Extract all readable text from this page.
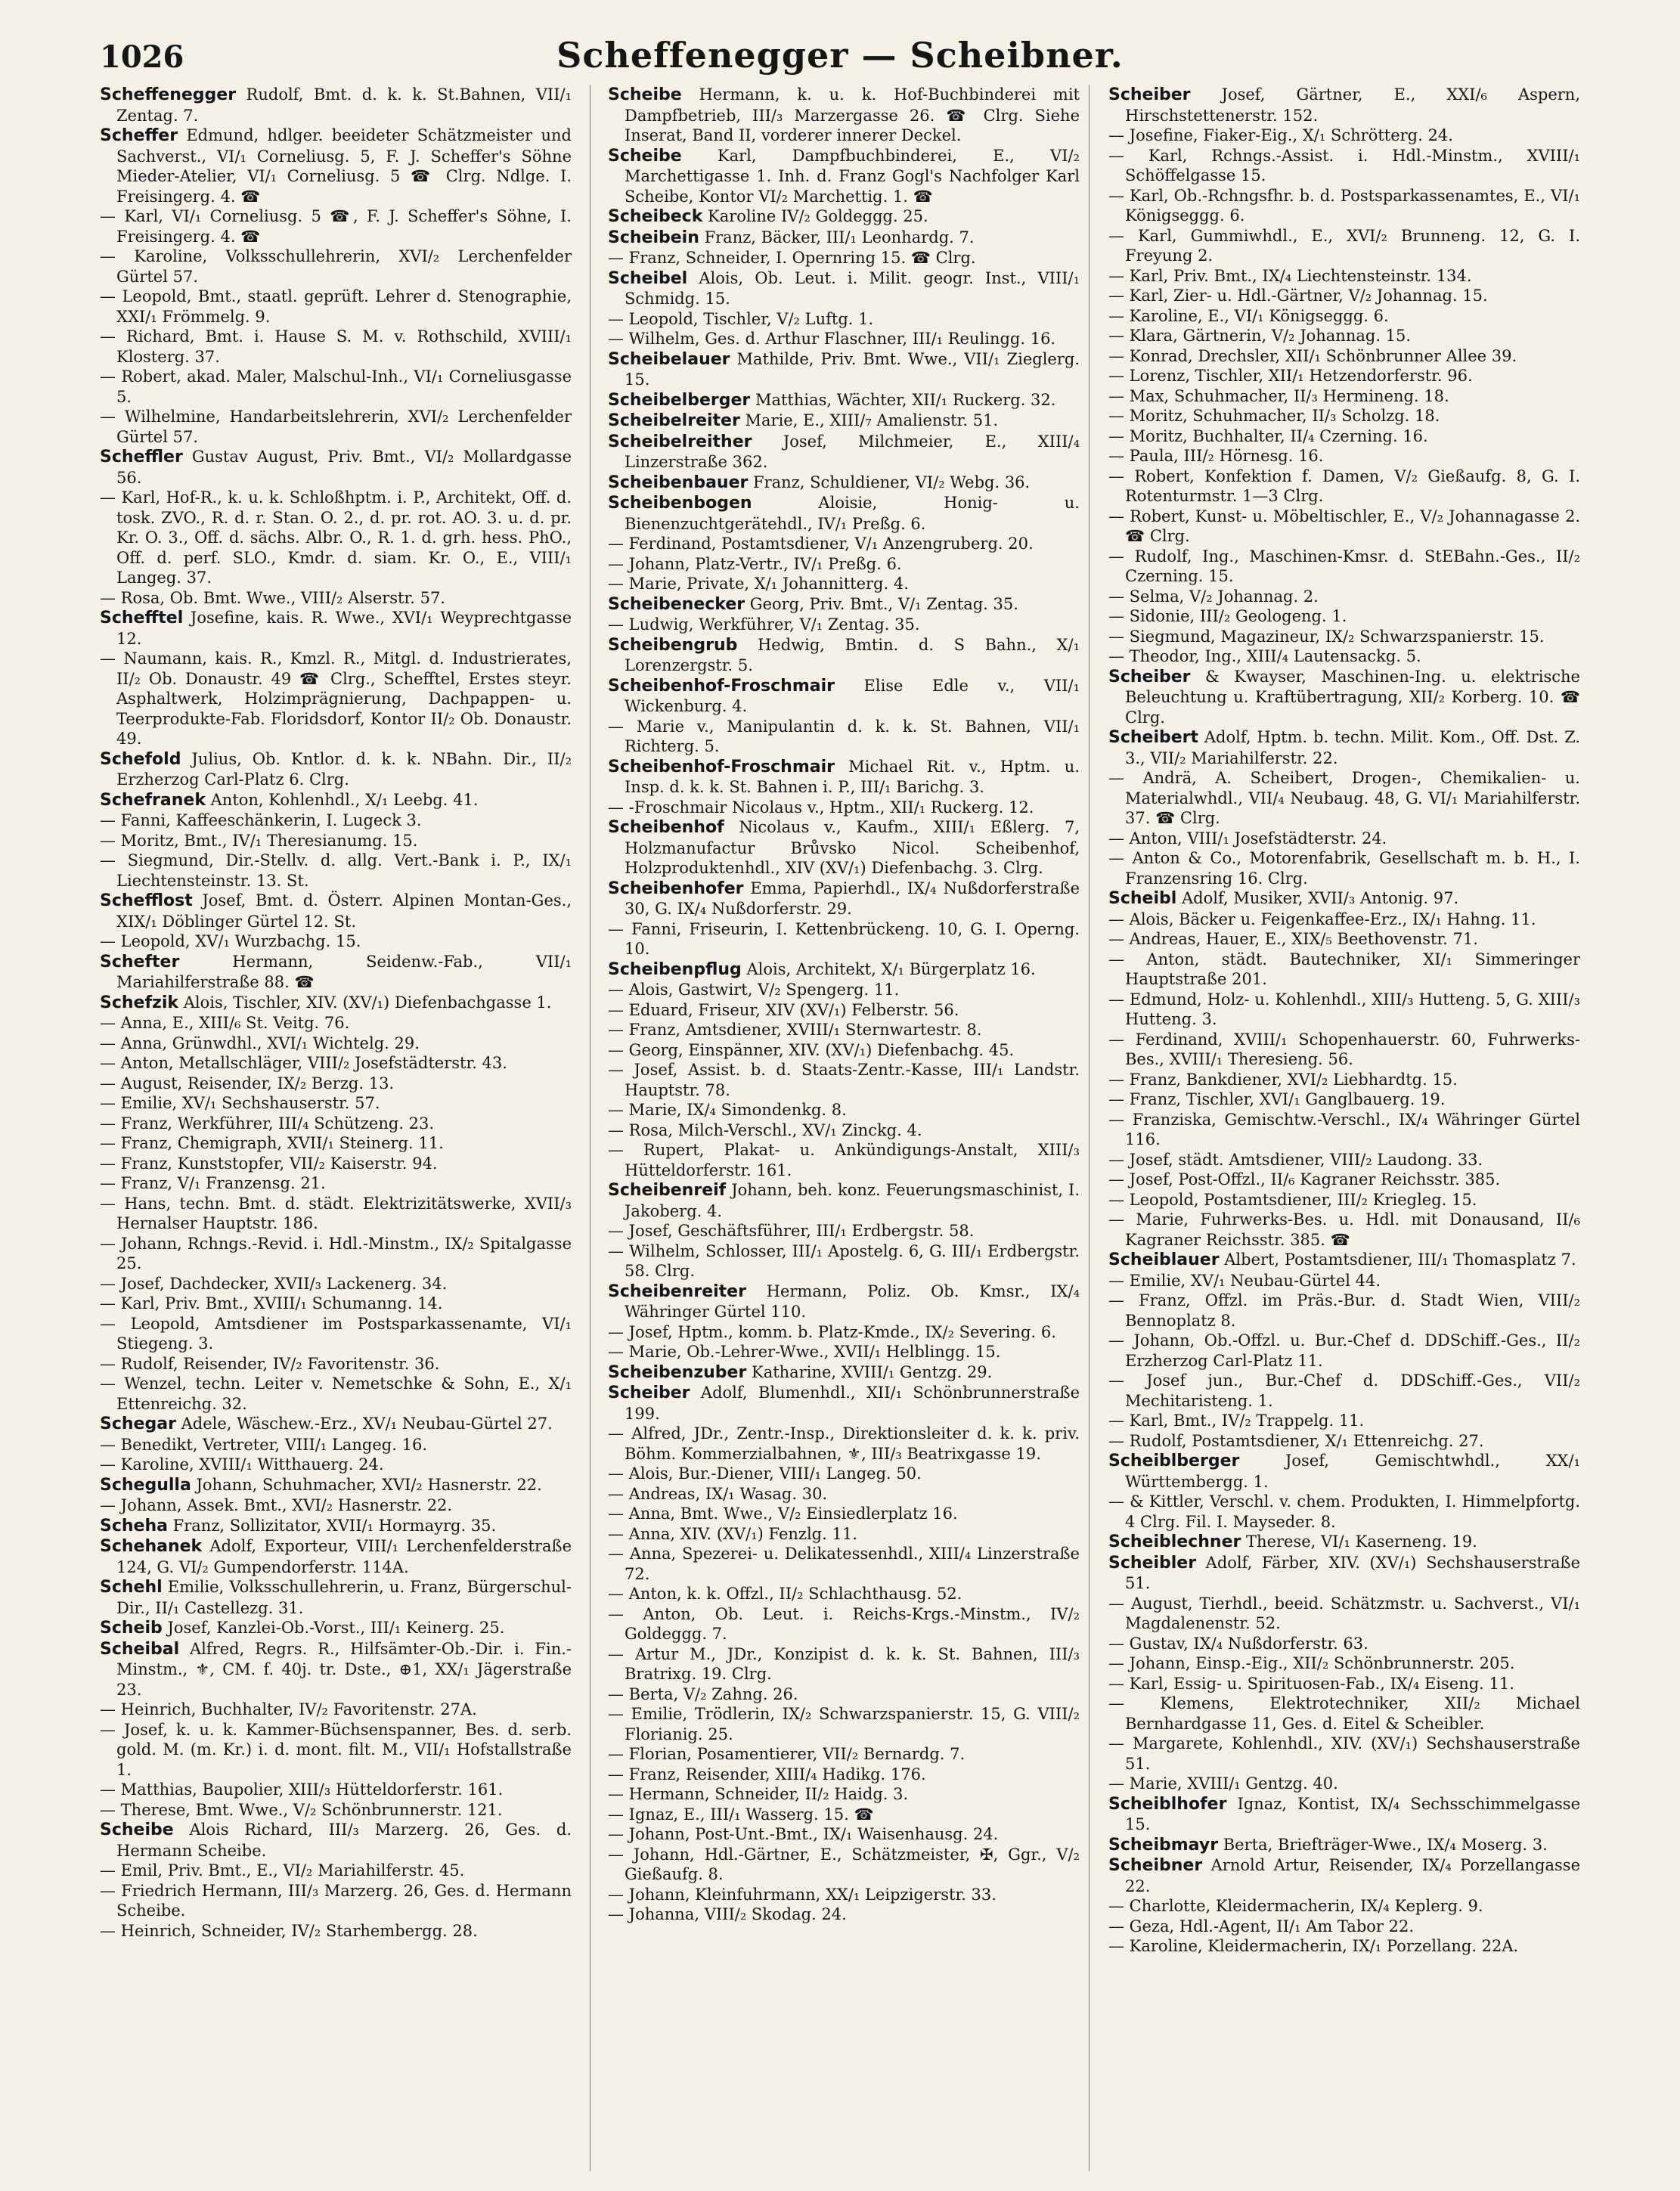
1026	Scheffenegger — Scheibner.

Scheffenegger Rudolf, Bmt. d. k. k. St.Bahnen, VII/₁ Zentag. 7.

Scheffer Edmund, hdlger. beeideter Schätzmeister und Sachverst., VI/₁ Corneliusg. 5, F. J. Scheffer's Söhne Mieder-Atelier, VI/₁ Corneliusg. 5 ☎ Clrg. Ndlge. I. Freisingerg. 4. ☎

— Karl, VI/₁ Corneliusg. 5 ☎, F. J. Scheffer's Söhne, I. Freisingerg. 4. ☎

— Karoline, Volksschullehrerin, XVI/₂ Lerchenfelder Gürtel 57.

— Leopold, Bmt., staatl. geprüft. Lehrer d. Stenographie, XXI/₁ Frömmelg. 9.

— Richard, Bmt. i. Hause S. M. v. Rothschild, XVIII/₁ Klosterg. 37.

— Robert, akad. Maler, Malschul-Inh., VI/₁ Corneliusgasse 5.

— Wilhelmine, Handarbeitslehrerin, XVI/₂ Lerchenfelder Gürtel 57.

Scheffler Gustav August, Priv. Bmt., VI/₂ Mollardgasse 56.

— Karl, Hof-R., k. u. k. Schloßhptm. i. P., Architekt, Off. d. tosk. ZVO., R. d. r. Stan. O. 2., d. pr. rot. AO. 3. u. d. pr. Kr. O. 3., Off. d. sächs. Albr. O., R. 1. d. grh. hess. PhO., Off. d. perf. SLO., Kmdr. d. siam. Kr. O., E., VIII/₁ Langeg. 37.

— Rosa, Ob. Bmt. Wwe., VIII/₂ Alserstr. 57.

Schefftel Josefine, kais. R. Wwe., XVI/₁ Weyprechtgasse 12.

— Naumann, kais. R., Kmzl. R., Mitgl. d. Industrierates, II/₂ Ob. Donaustr. 49 ☎ Clrg., Schefftel, Erstes steyr. Asphaltwerk, Holzimprägnierung, Dachpappen- u. Teerprodukte-Fab. Floridsdorf, Kontor II/₂ Ob. Donaustr. 49.

Schefold Julius, Ob. Kntlor. d. k. k. NBahn. Dir., II/₂ Erzherzog Carl-Platz 6. Clrg.

Schefranek Anton, Kohlenhdl., X/₁ Leebg. 41.

— Fanni, Kaffeeschänkerin, I. Lugeck 3.

— Moritz, Bmt., IV/₁ Theresianumg. 15.

— Siegmund, Dir.-Stellv. d. allg. Vert.-Bank i. P., IX/₁ Liechtensteinstr. 13. St.

Schefflost Josef, Bmt. d. Österr. Alpinen Montan-Ges., XIX/₁ Döblinger Gürtel 12. St.

— Leopold, XV/₁ Wurzbachg. 15.

Schefter Hermann, Seidenw.-Fab., VII/₁ Mariahilferstraße 88. ☎

Schefzik Alois, Tischler, XIV. (XV/₁) Diefenbachgasse 1.

— Anna, E., XIII/₆ St. Veitg. 76.

— Anna, Grünwdhl., XVI/₁ Wichtelg. 29.

— Anton, Metallschläger, VIII/₂ Josefstädterstr. 43.

— August, Reisender, IX/₂ Berzg. 13.

— Emilie, XV/₁ Sechshauserstr. 57.

— Franz, Werkführer, III/₄ Schützeng. 23.

— Franz, Chemigraph, XVII/₁ Steinerg. 11.

— Franz, Kunststopfer, VII/₂ Kaiserstr. 94.

— Franz, V/₁ Franzensg. 21.

— Hans, techn. Bmt. d. städt. Elektrizitätswerke, XVII/₃ Hernalser Hauptstr. 186.

— Johann, Rchngs.-Revid. i. Hdl.-Minstm., IX/₂ Spitalgasse 25.

— Josef, Dachdecker, XVII/₃ Lackenerg. 34.

— Karl, Priv. Bmt., XVIII/₁ Schumanng. 14.

— Leopold, Amtsdiener im Postsparkassenamte, VI/₁ Stiegeng. 3.

— Rudolf, Reisender, IV/₂ Favoritenstr. 36.

— Wenzel, techn. Leiter v. Nemetschke & Sohn, E., X/₁ Ettenreichg. 32.

Schegar Adele, Wäschew.-Erz., XV/₁ Neubau-Gürtel 27.

— Benedikt, Vertreter, VIII/₁ Langeg. 16.

— Karoline, XVIII/₁ Witthauerg. 24.

Schegulla Johann, Schuhmacher, XVI/₂ Hasnerstr. 22.

— Johann, Assek. Bmt., XVI/₂ Hasnerstr. 22.

Scheha Franz, Sollizitator, XVII/₁ Hormayrg. 35.

Schehanek Adolf, Exporteur, VIII/₁ Lerchenfelderstraße 124, G. VI/₂ Gumpendorferstr. 114A.

Schehl Emilie, Volksschullehrerin, u. Franz, Bürgerschul-Dir., II/₁ Castellezg. 31.

Scheib Josef, Kanzlei-Ob.-Vorst., III/₁ Keinerg. 25.

Scheibal Alfred, Regrs. R., Hilfsämter-Ob.-Dir. i. Fin.-Minstm., ⚜, CM. f. 40j. tr. Dste., ⊕1, XX/₁ Jägerstraße 23.

— Heinrich, Buchhalter, IV/₂ Favoritenstr. 27A.

— Josef, k. u. k. Kammer-Büchsenspanner, Bes. d. serb. gold. M. (m. Kr.) i. d. mont. filt. M., VII/₁ Hofstallstraße 1.

— Matthias, Baupolier, XIII/₃ Hütteldorferstr. 161.

— Therese, Bmt. Wwe., V/₂ Schönbrunnerstr. 121.

Scheibe Alois Richard, III/₃ Marzerg. 26, Ges. d. Hermann Scheibe.

— Emil, Priv. Bmt., E., VI/₂ Mariahilferstr. 45.

— Friedrich Hermann, III/₃ Marzerg. 26, Ges. d. Hermann Scheibe.

— Heinrich, Schneider, IV/₂ Starhembergg. 28.

Scheibe Hermann, k. u. k. Hof-Buchbinderei mit Dampfbetrieb, III/₃ Marzergasse 26. ☎ Clrg. Siehe Inserat, Band II, vorderer innerer Deckel.

Scheibe Karl, Dampfbuchbinderei, E., VI/₂ Marchettigasse 1. Inh. d. Franz Gogl's Nachfolger Karl Scheibe, Kontor VI/₂ Marchettig. 1. ☎

Scheibeck Karoline IV/₂ Goldeggg. 25.

Scheibein Franz, Bäcker, III/₁ Leonhardg. 7.

— Franz, Schneider, I. Opernring 15. ☎ Clrg.

Scheibel Alois, Ob. Leut. i. Milit. geogr. Inst., VIII/₁ Schmidg. 15.

— Leopold, Tischler, V/₂ Luftg. 1.

— Wilhelm, Ges. d. Arthur Flaschner, III/₁ Reulingg. 16.

Scheibelauer Mathilde, Priv. Bmt. Wwe., VII/₁ Zieglerg. 15.

Scheibelberger Matthias, Wächter, XII/₁ Ruckerg. 32.

Scheibelreiter Marie, E., XIII/₇ Amalienstr. 51.

Scheibelreither Josef, Milchmeier, E., XIII/₄ Linzerstraße 362.

Scheibenbauer Franz, Schuldiener, VI/₂ Webg. 36.

Scheibenbogen Aloisie, Honig- u. Bienenzuchtgerätehdl., IV/₁ Preßg. 6.

— Ferdinand, Postamtsdiener, V/₁ Anzengruberg. 20.

— Johann, Platz-Vertr., IV/₁ Preßg. 6.

— Marie, Private, X/₁ Johannitterg. 4.

Scheibenecker Georg, Priv. Bmt., V/₁ Zentag. 35.

— Ludwig, Werkführer, V/₁ Zentag. 35.

Scheibengrub Hedwig, Bmtin. d. S Bahn., X/₁ Lorenzergstr. 5.

Scheibenhof-Froschmair Elise Edle v., VII/₁ Wickenburg. 4.

— Marie v., Manipulantin d. k. k. St. Bahnen, VII/₁ Richterg. 5.

Scheibenhof-Froschmair Michael Rit. v., Hptm. u. Insp. d. k. k. St. Bahnen i. P., III/₁ Barichg. 3.

— -Froschmair Nicolaus v., Hptm., XII/₁ Ruckerg. 12.

Scheibenhof Nicolaus v., Kaufm., XIII/₁ Eßlerg. 7, Holzmanufactur Brůvsko Nicol. Scheibenhof, Holzproduktenhdl., XIV (XV/₁) Diefenbachg. 3. Clrg.

Scheibenhofer Emma, Papierhdl., IX/₄ Nußdorferstraße 30, G. IX/₄ Nußdorferstr. 29.

— Fanni, Friseurin, I. Kettenbrückeng. 10, G. I. Operng. 10.

Scheibenpflug Alois, Architekt, X/₁ Bürgerplatz 16.

— Alois, Gastwirt, V/₂ Spengerg. 11.

— Eduard, Friseur, XIV (XV/₁) Felberstr. 56.

— Franz, Amtsdiener, XVIII/₁ Sternwartestr. 8.

— Georg, Einspänner, XIV. (XV/₁) Diefenbachg. 45.

— Josef, Assist. b. d. Staats-Zentr.-Kasse, III/₁ Landstr. Hauptstr. 78.

— Marie, IX/₄ Simondenkg. 8.

— Rosa, Milch-Verschl., XV/₁ Zinckg. 4.

— Rupert, Plakat- u. Ankündigungs-Anstalt, XIII/₃ Hütteldorferstr. 161.

Scheibenreif Johann, beh. konz. Feuerungsmaschinist, I. Jakoberg. 4.

— Josef, Geschäftsführer, III/₁ Erdbergstr. 58.

— Wilhelm, Schlosser, III/₁ Apostelg. 6, G. III/₁ Erdbergstr. 58. Clrg.

Scheibenreiter Hermann, Poliz. Ob. Kmsr., IX/₄ Währinger Gürtel 110.

— Josef, Hptm., komm. b. Platz-Kmde., IX/₂ Severing. 6.

— Marie, Ob.-Lehrer-Wwe., XVII/₁ Helblingg. 15.

Scheibenzuber Katharine, XVIII/₁ Gentzg. 29.

Scheiber Adolf, Blumenhdl., XII/₁ Schönbrunnerstraße 199.

— Alfred, JDr., Zentr.-Insp., Direktionsleiter d. k. k. priv. Böhm. Kommerzialbahnen, ⚜, III/₃ Beatrixgasse 19.

— Alois, Bur.-Diener, VIII/₁ Langeg. 50.

— Andreas, IX/₁ Wasag. 30.

— Anna, Bmt. Wwe., V/₂ Einsiedlerplatz 16.

— Anna, XIV. (XV/₁) Fenzlg. 11.

— Anna, Spezerei- u. Delikatessenhdl., XIII/₄ Linzerstraße 72.

— Anton, k. k. Offzl., II/₂ Schlachthausg. 52.

— Anton, Ob. Leut. i. Reichs-Krgs.-Minstm., IV/₂ Goldeggg. 7.

— Artur M., JDr., Konzipist d. k. k. St. Bahnen, III/₃ Bratrixg. 19. Clrg.

— Berta, V/₂ Zahng. 26.

— Emilie, Trödlerin, IX/₂ Schwarzspanierstr. 15, G. VIII/₂ Florianig. 25.

— Florian, Posamentierer, VII/₂ Bernardg. 7.

— Franz, Reisender, XIII/₄ Hadikg. 176.

— Hermann, Schneider, II/₂ Haidg. 3.

— Ignaz, E., III/₁ Wasserg. 15. ☎

— Johann, Post-Unt.-Bmt., IX/₁ Waisenhausg. 24.

— Johann, Hdl.-Gärtner, E., Schätzmeister, ✠, Ggr., V/₂ Gießaufg. 8.

— Johann, Kleinfuhrmann, XX/₁ Leipzigerstr. 33.

— Johanna, VIII/₂ Skodag. 24.

Scheiber Josef, Gärtner, E., XXI/₆ Aspern, Hirschstettenerstr. 152.

— Josefine, Fiaker-Eig., X/₁ Schrötterg. 24.

— Karl, Rchngs.-Assist. i. Hdl.-Minstm., XVIII/₁ Schöffelgasse 15.

— Karl, Ob.-Rchngsfhr. b. d. Postsparkassenamtes, E., VI/₁ Königseggg. 6.

— Karl, Gummiwhdl., E., XVI/₂ Brunneng. 12, G. I. Freyung 2.

— Karl, Priv. Bmt., IX/₄ Liechtensteinstr. 134.

— Karl, Zier- u. Hdl.-Gärtner, V/₂ Johannag. 15.

— Karoline, E., VI/₁ Königseggg. 6.

— Klara, Gärtnerin, V/₂ Johannag. 15.

— Konrad, Drechsler, XII/₁ Schönbrunner Allee 39.

— Lorenz, Tischler, XII/₁ Hetzendorferstr. 96.

— Max, Schuhmacher, II/₃ Hermineng. 18.

— Moritz, Schuhmacher, II/₃ Scholzg. 18.

— Moritz, Buchhalter, II/₄ Czerning. 16.

— Paula, III/₂ Hörnesg. 16.

— Robert, Konfektion f. Damen, V/₂ Gießaufg. 8, G. I. Rotenturmstr. 1—3 Clrg.

— Robert, Kunst- u. Möbeltischler, E., V/₂ Johannagasse 2. ☎ Clrg.

— Rudolf, Ing., Maschinen-Kmsr. d. StEBahn.-Ges., II/₂ Czerning. 15.

— Selma, V/₂ Johannag. 2.

— Sidonie, III/₂ Geologeng. 1.

— Siegmund, Magazineur, IX/₂ Schwarzspanierstr. 15.

— Theodor, Ing., XIII/₄ Lautensackg. 5.

Scheiber & Kwayser, Maschinen-Ing. u. elektrische Beleuchtung u. Kraftübertragung, XII/₂ Korberg. 10. ☎ Clrg.

Scheibert Adolf, Hptm. b. techn. Milit. Kom., Off. Dst. Z. 3., VII/₂ Mariahilferstr. 22.

— Andrä, A. Scheibert, Drogen-, Chemikalien- u. Materialwhdl., VII/₄ Neubaug. 48, G. VI/₁ Mariahilferstr. 37. ☎ Clrg.

— Anton, VIII/₁ Josefstädterstr. 24.

— Anton & Co., Motorenfabrik, Gesellschaft m. b. H., I. Franzensring 16. Clrg.

Scheibl Adolf, Musiker, XVII/₃ Antonig. 97.

— Alois, Bäcker u. Feigenkaffee-Erz., IX/₁ Hahng. 11.

— Andreas, Hauer, E., XIX/₅ Beethovenstr. 71.

— Anton, städt. Bautechniker, XI/₁ Simmeringer Hauptstraße 201.

— Edmund, Holz- u. Kohlenhdl., XIII/₃ Hutteng. 5, G. XIII/₃ Hutteng. 3.

— Ferdinand, XVIII/₁ Schopenhauerstr. 60, Fuhrwerks-Bes., XVIII/₁ Theresieng. 56.

— Franz, Bankdiener, XVI/₂ Liebhardtg. 15.

— Franz, Tischler, XVI/₁ Ganglbauerg. 19.

— Franziska, Gemischtw.-Verschl., IX/₄ Währinger Gürtel 116.

— Josef, städt. Amtsdiener, VIII/₂ Laudong. 33.

— Josef, Post-Offzl., II/₆ Kagraner Reichsstr. 385.

— Leopold, Postamtsdiener, III/₂ Kriegleg. 15.

— Marie, Fuhrwerks-Bes. u. Hdl. mit Donausand, II/₆ Kagraner Reichsstr. 385. ☎

Scheiblauer Albert, Postamtsdiener, III/₁ Thomasplatz 7.

— Emilie, XV/₁ Neubau-Gürtel 44.

— Franz, Offzl. im Präs.-Bur. d. Stadt Wien, VIII/₂ Bennoplatz 8.

— Johann, Ob.-Offzl. u. Bur.-Chef d. DDSchiff.-Ges., II/₂ Erzherzog Carl-Platz 11.

— Josef jun., Bur.-Chef d. DDSchiff.-Ges., VII/₂ Mechitaristeng. 1.

— Karl, Bmt., IV/₂ Trappelg. 11.

— Rudolf, Postamtsdiener, X/₁ Ettenreichg. 27.

Scheiblberger Josef, Gemischtwhdl., XX/₁ Württembergg. 1.

— & Kittler, Verschl. v. chem. Produkten, I. Himmelpfortg. 4 Clrg. Fil. I. Mayseder. 8.

Scheiblechner Therese, VI/₁ Kaserneng. 19.

Scheibler Adolf, Färber, XIV. (XV/₁) Sechshauserstraße 51.

— August, Tierhdl., beeid. Schätzmstr. u. Sachverst., VI/₁ Magdalenenstr. 52.

— Gustav, IX/₄ Nußdorferstr. 63.

— Johann, Einsp.-Eig., XII/₂ Schönbrunnerstr. 205.

— Karl, Essig- u. Spirituosen-Fab., IX/₄ Eiseng. 11.

— Klemens, Elektrotechniker, XII/₂ Michael Bernhardgasse 11, Ges. d. Eitel & Scheibler.

— Margarete, Kohlenhdl., XIV. (XV/₁) Sechshauserstraße 51.

— Marie, XVIII/₁ Gentzg. 40.

Scheiblhofer Ignaz, Kontist, IX/₄ Sechsschimmelgasse 15.

Scheibmayr Berta, Briefträger-Wwe., IX/₄ Moserg. 3.

Scheibner Arnold Artur, Reisender, IX/₄ Porzellangasse 22.

— Charlotte, Kleidermacherin, IX/₄ Keplerg. 9.

— Geza, Hdl.-Agent, II/₁ Am Tabor 22.

— Karoline, Kleidermacherin, IX/₁ Porzellang. 22A.
